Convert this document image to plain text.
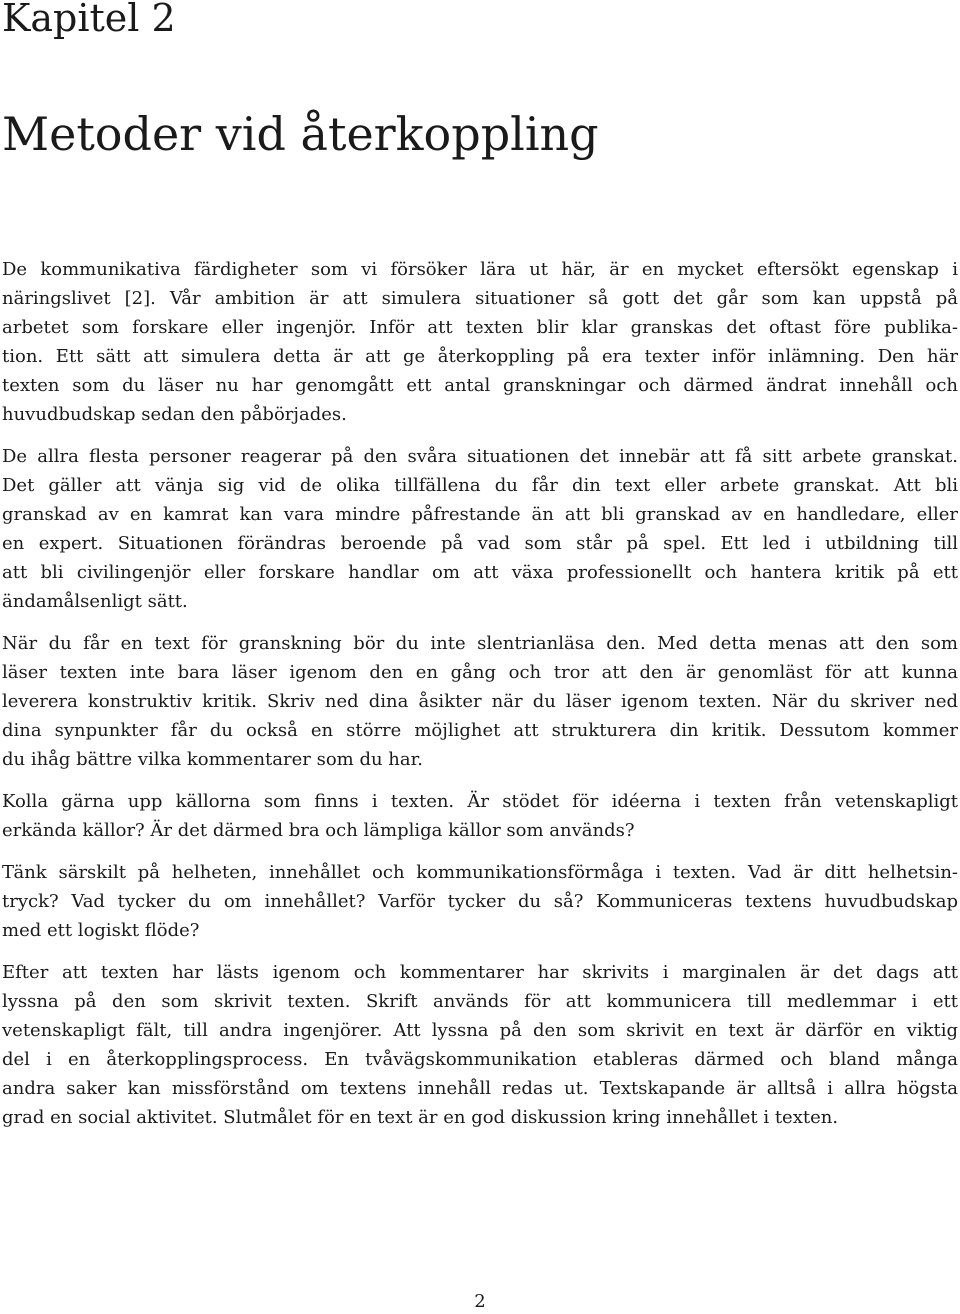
Kapitel 2
Metoder vid återkoppling

De kommunikativa färdigheter som vi försöker lära ut här, är en mycket eftersökt egenskap i
näringslivet [2]. Vår ambition är att simulera situationer så gott det går som kan uppstå på
arbetet som forskare eller ingenjör. Inför att texten blir klar granskas det oftast före publika-
tion. Ett sätt att simulera detta är att ge återkoppling på era texter inför inlämning. Den här
texten som du läser nu har genomgått ett antal granskningar och därmed ändrat innehåll och
huvudbudskap sedan den påbörjades.

De allra flesta personer reagerar på den svåra situationen det innebär att få sitt arbete granskat.
Det gäller att vänja sig vid de olika tillfällena du får din text eller arbete granskat. Att bli
granskad av en kamrat kan vara mindre påfrestande än att bli granskad av en handledare, eller
en expert. Situationen förändras beroende på vad som står på spel. Ett led i utbildning till
att bli civilingenjör eller forskare handlar om att växa professionellt och hantera kritik på ett
ändamålsenligt sätt.

När du får en text för granskning bör du inte slentrianläsa den. Med detta menas att den som
läser texten inte bara läser igenom den en gång och tror att den är genomläst för att kunna
leverera konstruktiv kritik. Skriv ned dina åsikter när du läser igenom texten. När du skriver ned
dina synpunkter får du också en större möjlighet att strukturera din kritik. Dessutom kommer
du ihåg bättre vilka kommentarer som du har.

Kolla gärna upp källorna som finns i texten. Är stödet för idéerna i texten från vetenskapligt
erkända källor? Är det därmed bra och lämpliga källor som används?

Tänk särskilt på helheten, innehållet och kommunikationsförmåga i texten. Vad är ditt helhetsin-
tryck? Vad tycker du om innehållet? Varför tycker du så? Kommuniceras textens huvudbudskap
med ett logiskt flöde?

Efter att texten har lästs igenom och kommentarer har skrivits i marginalen är det dags att
lyssna på den som skrivit texten. Skrift används för att kommunicera till medlemmar i ett
vetenskapligt fält, till andra ingenjörer. Att lyssna på den som skrivit en text är därför en viktig
del i en återkopplingsprocess. En tvåvägskommunikation etableras därmed och bland många
andra saker kan missförstånd om textens innehåll redas ut. Textskapande är alltså i allra högsta
grad en social aktivitet. Slutmålet för en text är en god diskussion kring innehållet i texten.

2
